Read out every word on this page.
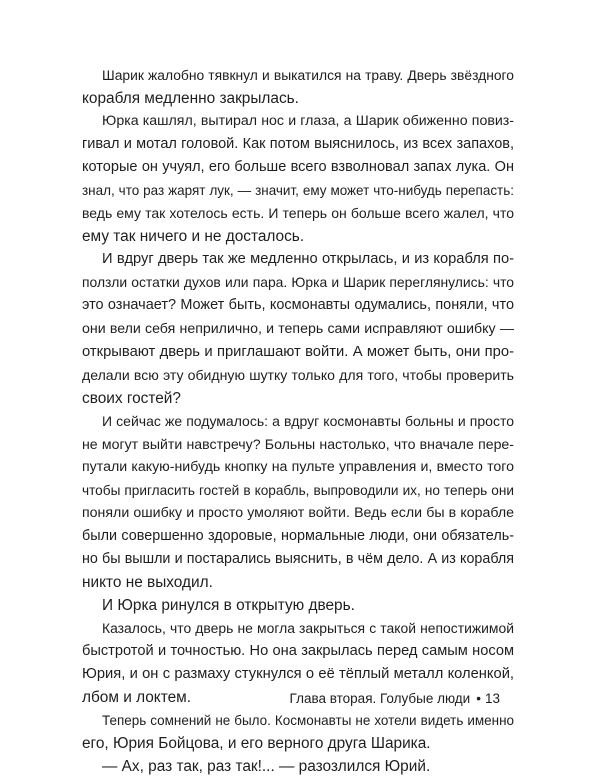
Шарик жалобно тявкнул и выкатился на траву. Дверь звёздного
корабля медленно закрылась.
Юрка кашлял, вытирал нос и глаза, а Шарик обиженно повиз-
гивал и мотал головой. Как потом выяснилось, из всех запахов,
которые он учуял, его больше всего взволновал запах лука. Он
знал, что раз жарят лук, — значит, ему может что-нибудь перепасть:
ведь ему так хотелось есть. И теперь он больше всего жалел, что
ему так ничего и не досталось.
И вдруг дверь так же медленно открылась, и из корабля по-
ползли остатки духов или пара. Юрка и Шарик переглянулись: что
это означает? Может быть, космонавты одумались, поняли, что
они вели себя неприлично, и теперь сами исправляют ошибку —
открывают дверь и приглашают войти. А может быть, они про-
делали всю эту обидную шутку только для того, чтобы проверить
своих гостей?
И сейчас же подумалось: а вдруг космонавты больны и просто
не могут выйти навстречу? Больны настолько, что вначале пере-
путали какую-нибудь кнопку на пульте управления и, вместо того
чтобы пригласить гостей в корабль, выпроводили их, но теперь они
поняли ошибку и просто умоляют войти. Ведь если бы в корабле
были совершенно здоровые, нормальные люди, они обязатель-
но бы вышли и постарались выяснить, в чём дело. А из корабля
никто не выходил.
И Юрка ринулся в открытую дверь.
Казалось, что дверь не могла закрыться с такой непостижимой
быстротой и точностью. Но она закрылась перед самым носом
Юрия, и он с размаху стукнулся о её тёплый металл коленкой,
лбом и локтем.
Теперь сомнений не было. Космонавты не хотели видеть именно
его, Юрия Бойцова, и его верного друга Шарика.
— Ах, раз так, раз так!... — разозлился Юрий.
Глава вторая. Голубые люди • 13
